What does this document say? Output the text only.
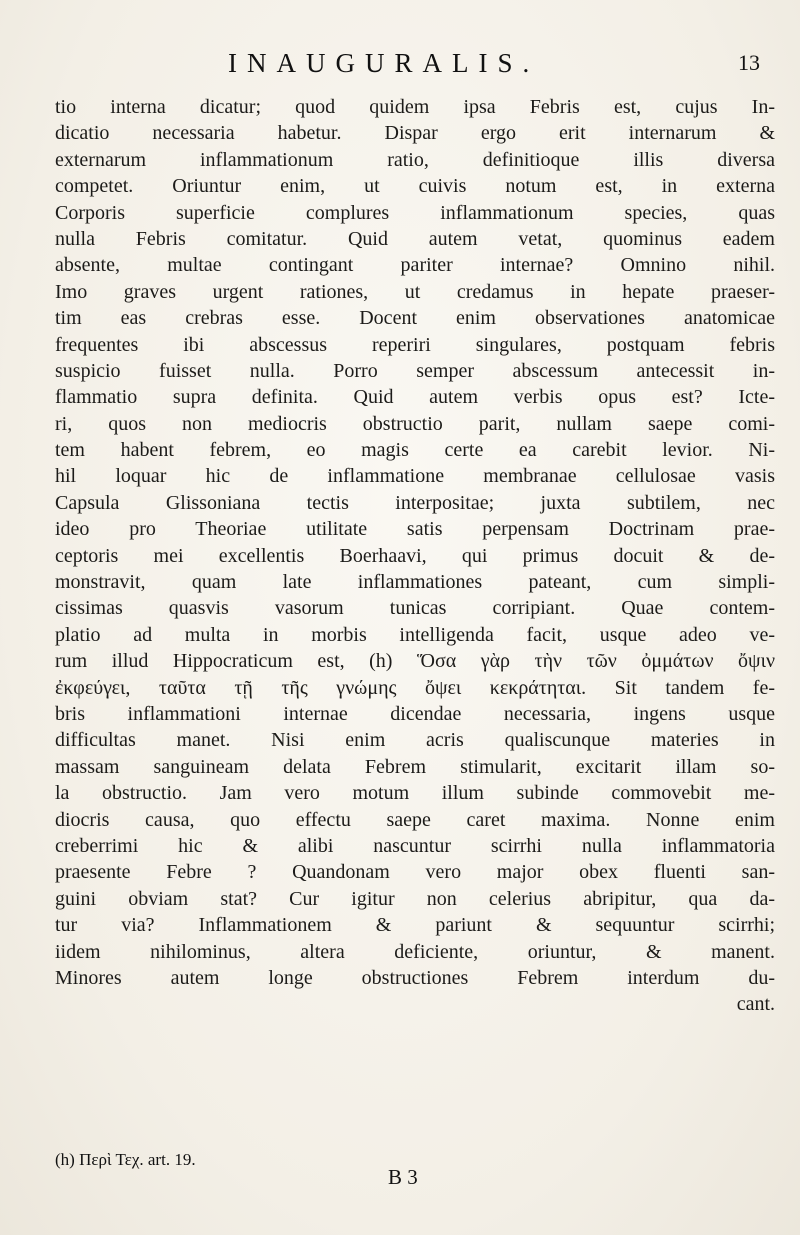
INAUGURALIS.	13
tio interna dicatur; quod quidem ipsa Febris est, cujus In-
dicatio necessaria habetur. Dispar ergo erit internarum &
externarum inflammationum ratio, definitioque illis diversa
competet. Oriuntur enim, ut cuivis notum est, in externa
Corporis superficie complures inflammationum species, quas
nulla Febris comitatur. Quid autem vetat, quominus eadem
absente, multae contingant pariter internae? Omnino nihil.
Imo graves urgent rationes, ut credamus in hepate praeser-
tim eas crebras esse. Docent enim observationes anatomicae
frequentes ibi abscessus reperiri singulares, postquam febris
suspicio fuisset nulla. Porro semper abscessum antecessit in-
flammatio supra definita. Quid autem verbis opus est? Icte-
ri, quos non mediocris obstructio parit, nullam saepe comi-
tem habent febrem, eo magis certe ea carebit levior. Ni-
hil loquar hic de inflammatione membranae cellulosae vasis
Capsula Glissoniana tectis interpositae; juxta subtilem, nec
ideo pro Theoriae utilitate satis perpensam Doctrinam prae-
ceptoris mei excellentis Boerhaavi, qui primus docuit & de-
monstravit, quam late inflammationes pateant, cum simpli-
cissimas quasvis vasorum tunicas corripiant. Quae contem-
platio ad multa in morbis intelligenda facit, usque adeo ve-
rum illud Hippocraticum est, (h) Ὅσα γὰρ τὴν τῶν ὀμμάτων ὄψιν
ἐκφεύγει, ταῦτα τῇ τῆς γνώμης ὄψει κεκράτηται. Sit tandem fe-
bris inflammationi internae dicendae necessaria, ingens usque
difficultas manet. Nisi enim acris qualiscunque materies in
massam sanguineam delata Febrem stimularit, excitarit illam so-
la obstructio. Jam vero motum illum subinde commovebit me-
diocris causa, quo effectu saepe caret maxima. Nonne enim
creberrimi hic & alibi nascuntur scirrhi nulla inflammatoria
praesente Febre ? Quandonam vero major obex fluenti san-
guini obviam stat? Cur igitur non celerius abripitur, qua da-
tur via? Inflammationem & pariunt & sequuntur scirrhi;
iidem nihilominus, altera deficiente, oriuntur, & manent.
Minores autem longe obstructiones Febrem interdum du-
cant.
(h) Περὶ Τεχ. art. 19.
B 3
